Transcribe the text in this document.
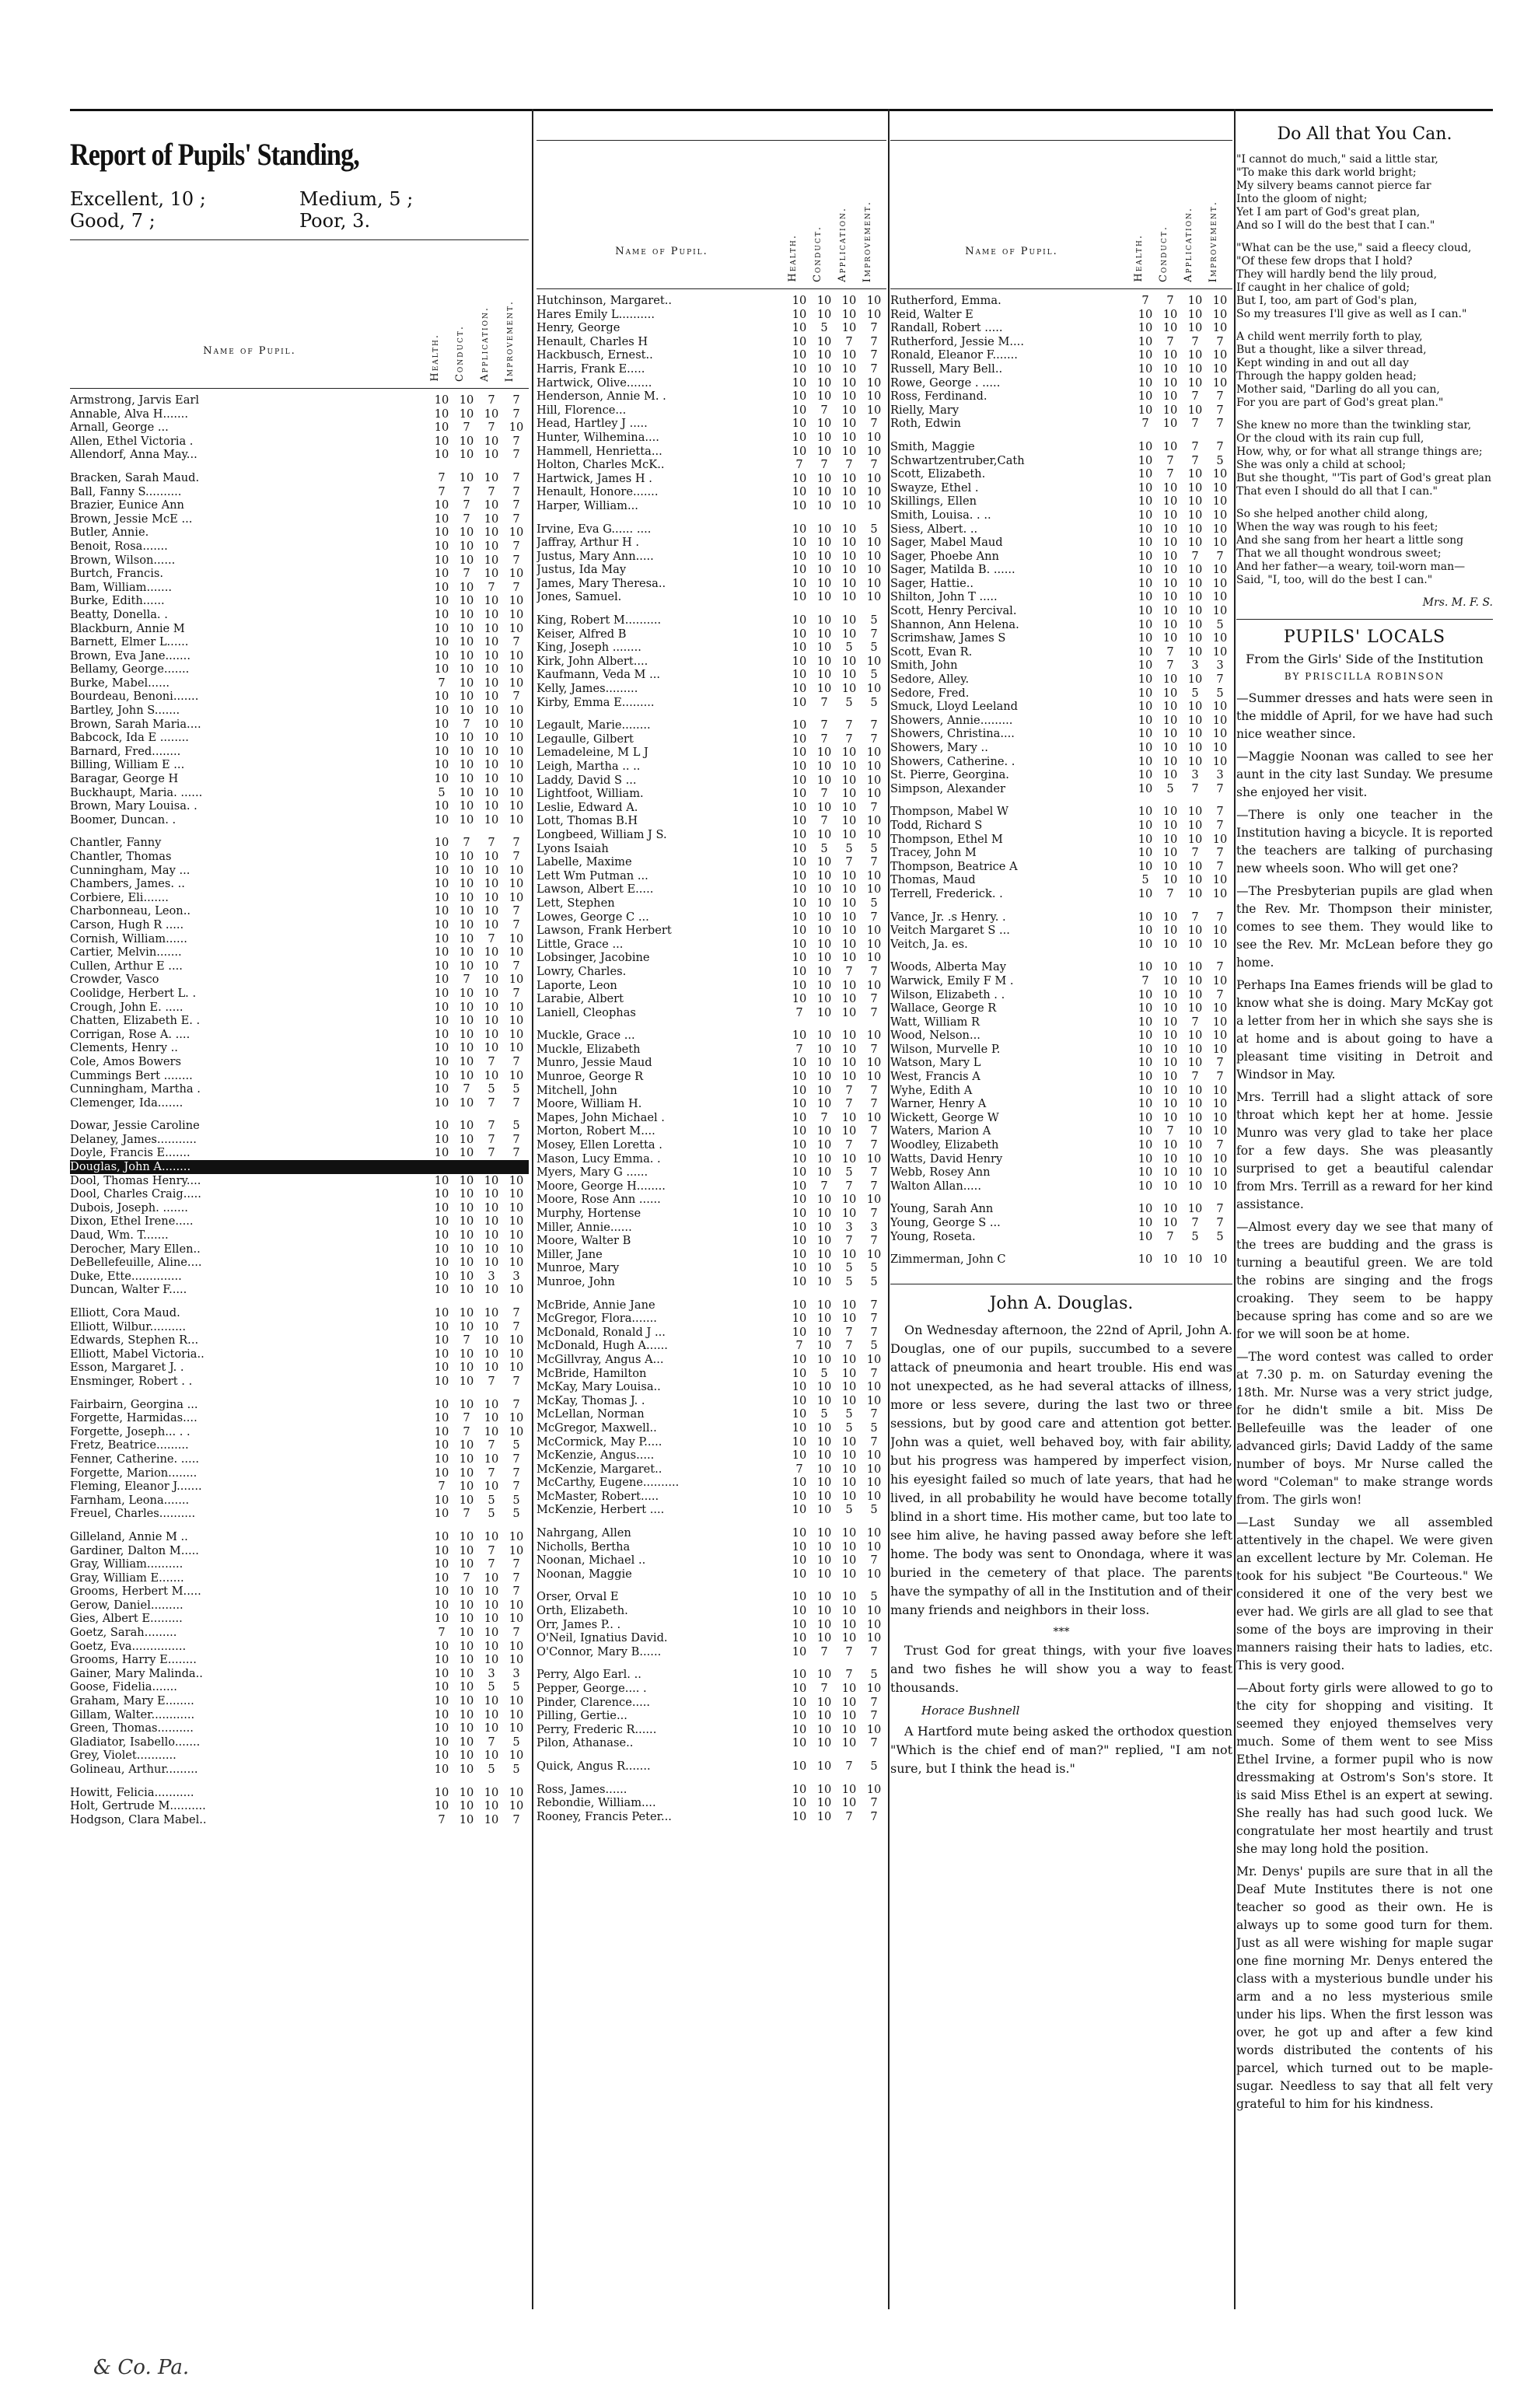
Report of Pupils' Standing,
Excellent, 10 ;	Medium, 5 ;
Good, 7 ;	Poor, 3.
Name of Pupil.	Health.	Conduct.	Application.	Improvement.
Armstrong, Jarvis Earl	10 10	7	7
Annable, Alva H.......	10 10 10	7
Arnall, George ...	10	7	7	10
Allen, Ethel Victoria .	10 10 10	7
Allendorf, Anna May...	10 10 10	7
Bracken, Sarah Maud.	7	10 10	7
Ball, Fanny S..........	7	7	7	7
Brazier, Eunice Ann	10	7	10	7
Brown, Jessie McE ...	10	7	10	7
Butler, Annie.	10 10 10 10
Benoit, Rosa.......	10 10 10	7
Brown, Wilson......	10 10 10	7
Burtch, Francis.	10	7	10 10
Bam, William.......	10 10	7	7
Burke, Edith......	10 10 10 10
Beatty, Donella. .	10 10 10 10
Blackburn, Annie M	10 10 10 10
Barnett, Elmer L......	10 10 10	7
Brown, Eva Jane.......	10 10 10 10
Bellamy, George.......	10 10 10 10
Burke, Mabel......	7	10 10 10
Bourdeau, Benoni.......	10 10 10	7
Bartley, John S.......	10 10 10 10
Brown, Sarah Maria....	10	7	10 10
Babcock, Ida E ........	10 10 10 10
Barnard, Fred........	10 10 10 10
Billing, William E ...	10 10 10 10
Baragar, George H	10 10 10 10
Buckhaupt, Maria. ......	5	10 10 10
Brown, Mary Louisa. .	10 10 10 10
Boomer, Duncan. .	10 10 10 10
Chantler, Fanny	10	7	7	7
Chantler, Thomas	10 10 10	7
Cunningham, May ...	10 10 10 10
Chambers, James. ..	10 10 10 10
Corbiere, Eli.......	10 10 10 10
Charbonneau, Leon..	10 10 10	7
Carson, Hugh R .....	10 10 10	7
Cornish, William......	10 10	7	10
Cartier, Melvin.......	10 10 10 10
Cullen, Arthur E ....	10 10 10	7
Crowder, Vasco	10	7	10 10
Coolidge, Herbert L. .	10 10 10	7
Crough, John E. .....	10 10 10 10
Chatten, Elizabeth E. .	10 10 10 10
Corrigan, Rose A. ....	10 10 10 10
Clements, Henry ..	10 10 10 10
Cole, Amos Bowers	10 10	7	7
Cummings Bert ........	10 10 10 10
Cunningham, Martha .	10	7	5	5
Clemenger, Ida.......	10 10	7	7
Dowar, Jessie Caroline	10 10	7	5
Delaney, James...........	10 10	7	7
Doyle, Francis E.......	10 10	7	7
Douglas, John A........
Dool, Thomas Henry....	10 10 10 10
Dool, Charles Craig.....	10 10 10 10
Dubois, Joseph. .......	10 10 10 10
Dixon, Ethel Irene.....	10 10 10 10
Daud, Wm. T.......	10 10 10 10
Derocher, Mary Ellen..	10 10 10 10
DeBellefeuille, Aline....	10 10 10 10
Duke, Ette..............	10 10	3	3
Duncan, Walter F.....	10 10 10 10
Elliott, Cora Maud.	10 10 10	7
Elliott, Wilbur..........	10 10 10	7
Edwards, Stephen R...	10	7	10 10
Elliott, Mabel Victoria..	10 10 10 10
Esson, Margaret J. .	10 10 10 10
Ensminger, Robert . .	10 10	7	7
Fairbairn, Georgina ...	10 10 10	7
Forgette, Harmidas....	10	7	10 10
Forgette, Joseph... . .	10	7	10 10
Fretz, Beatrice.........	10 10	7	5
Fenner, Catherine. .....	10 10 10	7
Forgette, Marion........	10 10	7	7
Fleming, Eleanor J.......	7	10 10	7
Farnham, Leona.......	10 10	5	5
Freuel, Charles..........	10	7	5	5
Gilleland, Annie M ..	10 10 10 10
Gardiner, Dalton M.....	10 10	7	10
Gray, William..........	10 10	7	7
Gray, William E.......	10	7	10	7
Grooms, Herbert M.....	10 10 10	7
Gerow, Daniel.........	10 10 10 10
Gies, Albert E.........	10 10 10 10
Goetz, Sarah.........	7	10 10	7
Goetz, Eva...............	10 10 10 10
Grooms, Harry E........	10 10 10 10
Gainer, Mary Malinda..	10 10	3	3
Goose, Fidelia.......	10 10	5	5
Graham, Mary E........	10 10 10 10
Gillam, Walter............	10 10 10 10
Green, Thomas..........	10 10 10 10
Gladiator, Isabello.......	10 10	7	5
Grey, Violet...........	10 10 10 10
Golineau, Arthur.........	10 10	5	5
Howitt, Felicia...........	10 10 10 10
Holt, Gertrude M..........	10 10 10 10
Hodgson, Clara Mabel..	7	10 10	7
Name of Pupil.	Health.	Conduct.	Application.	Improvement.
Hutchinson, Margaret..	10 10 10 10
Hares Emily L..........	10 10 10 10
Henry, George	10	5	10	7
Henault, Charles H	10 10	7	7
Hackbusch, Ernest..	10 10 10	7
Harris, Frank E.....	10 10 10	7
Hartwick, Olive.......	10 10 10 10
Henderson, Annie M. .	10 10 10 10
Hill, Florence...	10	7	10 10
Head, Hartley J .....	10 10 10	7
Hunter, Wilhemina....	10 10 10 10
Hammell, Henrietta...	10 10 10 10
Holton, Charles McK..	7	7	7	7
Hartwick, James H .	10 10 10 10
Henault, Honore.......	10 10 10 10
Harper, William...	10 10 10 10
Irvine, Eva G...... ....	10 10 10	5
Jaffray, Arthur H .	10 10 10 10
Justus, Mary Ann.....	10 10 10 10
Justus, Ida May	10 10 10 10
James, Mary Theresa..	10 10 10 10
Jones, Samuel.	10 10 10 10
King, Robert M..........	10 10 10	5
Keiser, Alfred B	10 10 10	7
King, Joseph ........	10 10	5	5
Kirk, John Albert....	10 10 10 10
Kaufmann, Veda M ...	10 10 10	5
Kelly, James.........	10 10 10 10
Kirby, Emma E.........	10	7	5	5
Legault, Marie........	10	7	7	7
Legaulle, Gilbert	10	7	7	7
Lemadeleine, M L J	10 10 10 10
Leigh, Martha .. ..	10 10 10 10
Laddy, David S ...	10 10 10 10
Lightfoot, William.	10	7	10 10
Leslie, Edward A.	10 10 10	7
Lott, Thomas B.H	10	7	10 10
Longbeed, William J S.	10 10 10 10
Lyons Isaiah	10	5	5	5
Labelle, Maxime	10 10	7	7
Lett Wm Putman ...	10 10 10 10
Lawson, Albert E.....	10 10 10 10
Lett, Stephen	10 10 10	5
Lowes, George C ...	10 10 10	7
Lawson, Frank Herbert	10 10 10 10
Little, Grace ...	10 10 10 10
Lobsinger, Jacobine	10 10 10 10
Lowry, Charles.	10 10	7	7
Laporte, Leon	10 10 10 10
Larabie, Albert	10 10 10	7
Laniell, Cleophas	7	10 10	7
Muckle, Grace ...	10 10 10 10
Muckle, Elizabeth	7	10 10	7
Munro, Jessie Maud	10 10 10 10
Munroe, George R	10 10 10 10
Mitchell, John	10 10	7	7
Moore, William H.	10 10	7	7
Mapes, John Michael .	10	7	10 10
Morton, Robert M....	10 10 10	7
Mosey, Ellen Loretta .	10 10	7	7
Mason, Lucy Emma. .	10 10 10 10
Myers, Mary G ......	10 10	5	7
Moore, George H........	10	7	7	7
Moore, Rose Ann ......	10 10 10 10
Murphy, Hortense	10 10 10	7
Miller, Annie......	10 10	3	3
Moore, Walter B	10 10	7	7
Miller, Jane	10 10 10 10
Munroe, Mary	10 10	5	5
Munroe, John	10 10	5	5
McBride, Annie Jane	10 10 10	7
McGregor, Flora.......	10 10 10	7
McDonald, Ronald J ...	10 10	7	7
McDonald, Hugh A......	7	10	7	5
McGillvray, Angus A...	10 10 10 10
McBride, Hamilton	10	5	10	7
McKay, Mary Louisa..	10 10 10 10
McKay, Thomas J. .	10 10 10 10
McLellan, Norman	10	5	5	7
McGregor, Maxwell..	10 10	5	5
McCormick, May P.....	10 10 10	7
McKenzie, Angus.....	10 10 10 10
McKenzie, Margaret..	7	10 10 10
McCarthy, Eugene..........	10 10 10 10
McMaster, Robert.....	10 10 10 10
McKenzie, Herbert ....	10 10	5	5
Nahrgang, Allen	10 10 10 10
Nicholls, Bertha	10 10 10 10
Noonan, Michael ..	10 10 10	7
Noonan, Maggie	10 10 10 10
Orser, Orval E	10 10 10	5
Orth, Elizabeth.	10 10 10 10
Orr, James P.. .	10 10 10 10
O'Neil, Ignatius David.	10 10 10 10
O'Connor, Mary B......	10	7	7	7
Perry, Algo Earl. ..	10 10	7	5
Pepper, George.... .	10	7	10 10
Pinder, Clarence.....	10 10 10	7
Pilling, Gertie...	10 10 10	7
Perry, Frederic R......	10 10 10 10
Pilon, Athanase..	10 10 10	7
Quick, Angus R.......	10 10	7	5
Ross, James......	10 10 10 10
Rebondie, William....	10 10 10	7
Rooney, Francis Peter...	10 10	7	7
Name of Pupil.	Health.	Conduct.	Application.	Improvement.
Rutherford, Emma.	7	7	10 10
Reid, Walter E	10 10 10 10
Randall, Robert .....	10 10 10 10
Rutherford, Jessie M....	10	7	7	7
Ronald, Eleanor F.......	10 10 10 10
Russell, Mary Bell..	10 10 10 10
Rowe, George . .....	10 10 10 10
Ross, Ferdinand.	10 10	7	7
Rielly, Mary	10 10 10	7
Roth, Edwin	7	10	7	7
Smith, Maggie	10 10	7	7
Schwartzentruber,Cath	10	7	7	5
Scott, Elizabeth.	10	7	10 10
Swayze, Ethel .	10 10 10 10
Skillings, Ellen	10 10 10 10
Smith, Louisa. . ..	10 10 10 10
Siess, Albert. ..	10 10 10 10
Sager, Mabel Maud	10 10 10 10
Sager, Phoebe Ann	10 10	7	7
Sager, Matilda B. ......	10 10 10 10
Sager, Hattie..	10 10 10 10
Shilton, John T .....	10 10 10 10
Scott, Henry Percival.	10 10 10 10
Shannon, Ann Helena.	10 10 10	5
Scrimshaw, James S	10 10 10 10
Scott, Evan R.	10	7	10 10
Smith, John	10	7	3	3
Sedore, Alley.	10 10 10	7
Sedore, Fred.	10 10	5	5
Smuck, Lloyd Leeland	10 10 10 10
Showers, Annie.........	10 10 10 10
Showers, Christina....	10 10 10 10
Showers, Mary ..	10 10 10 10
Showers, Catherine. .	10 10 10 10
St. Pierre, Georgina.	10 10	3	3
Simpson, Alexander	10	5	7	7
Thompson, Mabel W	10 10 10	7
Todd, Richard S	10 10 10	7
Thompson, Ethel M	10 10 10 10
Tracey, John M	10 10	7	7
Thompson, Beatrice A	10 10 10	7
Thomas, Maud	5	10 10 10
Terrell, Frederick. .	10	7	10 10
Vance, Jr. .s Henry. .	10 10	7	7
Veitch Margaret S ...	10 10 10 10
Veitch, Ja. es.	10 10 10 10
Woods, Alberta May	10 10 10	7
Warwick, Emily F M .	7	10 10 10
Wilson, Elizabeth . .	10 10 10	7
Wallace, George R	10 10 10 10
Watt, William R	10 10	7	10
Wood, Nelson...	10 10 10 10
Wilson, Murvelle P.	10 10 10 10
Watson, Mary L	10 10 10	7
West, Francis A	10 10	7	7
Wyhe, Edith A	10 10 10 10
Warner, Henry A	10 10 10 10
Wickett, George W	10 10 10 10
Waters, Marion A	10	7	10 10
Woodley, Elizabeth	10 10 10	7
Watts, David Henry	10 10 10 10
Webb, Rosey Ann	10 10 10 10
Walton Allan.....	10 10 10 10
Young, Sarah Ann	10 10 10	7
Young, George S ...	10 10	7	7
Young, Roseta.	10	7	5	5
Zimmerman, John C	10 10 10 10
John A. Douglas.

On Wednesday afternoon, the 22nd of April, John A. Douglas, one of our pupils, succumbed to a severe attack of pneumonia and heart trouble. His end was not unexpected, as he had several attacks of illness, more or less severe, during the last two or three sessions, but by good care and attention got better. John was a quiet, well behaved boy, with fair ability, but his progress was hampered by imperfect vision, his eyesight failed so much of late years, that had he lived, in all probability he would have become totally blind in a short time. His mother came, but too late to see him alive, he having passed away before she left home. The body was sent to Onondaga, where it was buried in the cemetery of that place. The parents have the sympathy of all in the Institution and of their many friends and neighbors in their loss.

***

Trust God for great things, with your five loaves and two fishes he will show you a way to feast thousands.

Horace Bushnell

A Hartford mute being asked the orthodox question "Which is the chief end of man?" replied, "I am not sure, but I think the head is."

Do All that You Can.
"I cannot do much," said a little star,
"To make this dark world bright;
My silvery beams cannot pierce far
Into the gloom of night;
Yet I am part of God's great plan,
And so I will do the best that I can."
"What can be the use," said a fleecy cloud,
"Of these few drops that I hold?
They will hardly bend the lily proud,
If caught in her chalice of gold;
But I, too, am part of God's plan,
So my treasures I'll give as well as I can."
A child went merrily forth to play,
But a thought, like a silver thread,
Kept winding in and out all day
Through the happy golden head;
Mother said, "Darling do all you can,
For you are part of God's great plan."
She knew no more than the twinkling star,
Or the cloud with its rain cup full,
How, why, or for what all strange things are;
She was only a child at school;
But she thought, "'Tis part of God's great plan
That even I should do all that I can."
So she helped another child along,
When the way was rough to his feet;
And she sang from her heart a little song
That we all thought wondrous sweet;
And her father—a weary, toil-worn man—
Said, "I, too, will do the best I can."
Mrs. M. F. S.
PUPILS' LOCALS
From the Girls' Side of the Institution
BY PRISCILLA ROBINSON

—Summer dresses and hats were seen in the middle of April, for we have had such nice weather since.

—Maggie Noonan was called to see her aunt in the city last Sunday. We presume she enjoyed her visit.

—There is only one teacher in the Institution having a bicycle. It is reported the teachers are talking of purchasing new wheels soon. Who will get one?

—The Presbyterian pupils are glad when the Rev. Mr. Thompson their minister, comes to see them. They would like to see the Rev. Mr. McLean before they go home.

Perhaps Ina Eames friends will be glad to know what she is doing. Mary McKay got a letter from her in which she says she is at home and is about going to have a pleasant time visiting in Detroit and Windsor in May.

Mrs. Terrill had a slight attack of sore throat which kept her at home. Jessie Munro was very glad to take her place for a few days. She was pleasantly surprised to get a beautiful calendar from Mrs. Terrill as a reward for her kind assistance.

—Almost every day we see that many of the trees are budding and the grass is turning a beautiful green. We are told the robins are singing and the frogs croaking. They seem to be happy because spring has come and so are we for we will soon be at home.

—The word contest was called to order at 7.30 p. m. on Saturday evening the 18th. Mr. Nurse was a very strict judge, for he didn't smile a bit. Miss De Bellefeuille was the leader of one advanced girls; David Laddy of the same number of boys. Mr Nurse called the word "Coleman" to make strange words from. The girls won!

—Last Sunday we all assembled attentively in the chapel. We were given an excellent lecture by Mr. Coleman. He took for his subject "Be Courteous." We considered it one of the very best we ever had. We girls are all glad to see that some of the boys are improving in their manners raising their hats to ladies, etc. This is very good.

—About forty girls were allowed to go to the city for shopping and visiting. It seemed they enjoyed themselves very much. Some of them went to see Miss Ethel Irvine, a former pupil who is now dressmaking at Ostrom's Son's store. It is said Miss Ethel is an expert at sewing. She really has had such good luck. We congratulate her most heartily and trust she may long hold the position.

Mr. Denys' pupils are sure that in all the Deaf Mute Institutes there is not one teacher so good as their own. He is always up to some good turn for them. Just as all were wishing for maple sugar one fine morning Mr. Denys entered the class with a mysterious bundle under his arm and a no less mysterious smile under his lips. When the first lesson was over, he got up and after a few kind words distributed the contents of his parcel, which turned out to be maple-sugar. Needless to say that all felt very grateful to him for his kindness.

& Co. Pa.
